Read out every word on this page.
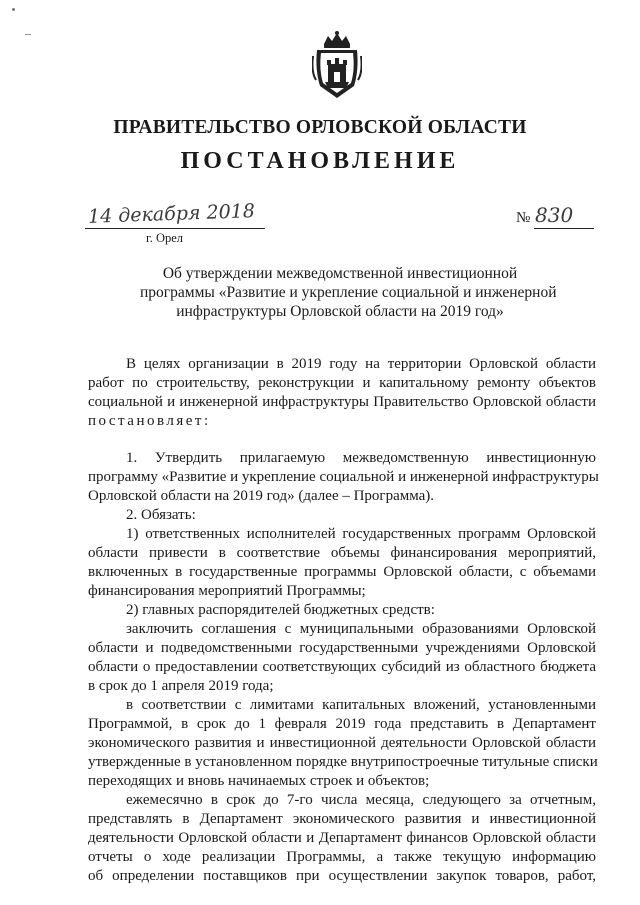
ПРАВИТЕЛЬСТВО ОРЛОВСКОЙ ОБЛАСТИ
ПОСТАНОВЛЕНИЕ
14 декабря 2018
г. Орел
№ 830
Об утверждении межведомственной инвестиционной
программы «Развитие и укрепление социальной и инженерной
инфраструктуры Орловской области на 2019 год»
В целях организации в 2019 году на территории Орловской области
работ по строительству, реконструкции и капитальному ремонту объектов
социальной и инженерной инфраструктуры Правительство Орловской области
постановляет:
1. Утвердить прилагаемую межведомственную инвестиционную
программу «Развитие и укрепление социальной и инженерной инфраструктуры
Орловской области на 2019 год» (далее – Программа).
2. Обязать:
1) ответственных исполнителей государственных программ Орловской
области привести в соответствие объемы финансирования мероприятий,
включенных в государственные программы Орловской области, с объемами
финансирования мероприятий Программы;
2) главных распорядителей бюджетных средств:
заключить соглашения с муниципальными образованиями Орловской
области и подведомственными государственными учреждениями Орловской
области о предоставлении соответствующих субсидий из областного бюджета
в срок до 1 апреля 2019 года;
в соответствии с лимитами капитальных вложений, установленными
Программой, в срок до 1 февраля 2019 года представить в Департамент
экономического развития и инвестиционной деятельности Орловской области
утвержденные в установленном порядке внутрипостроечные титульные списки
переходящих и вновь начинаемых строек и объектов;
ежемесячно в срок до 7-го числа месяца, следующего за отчетным,
представлять в Департамент экономического развития и инвестиционной
деятельности Орловской области и Департамент финансов Орловской области
отчеты о ходе реализации Программы, а также текущую информацию
об определении поставщиков при осуществлении закупок товаров, работ,
